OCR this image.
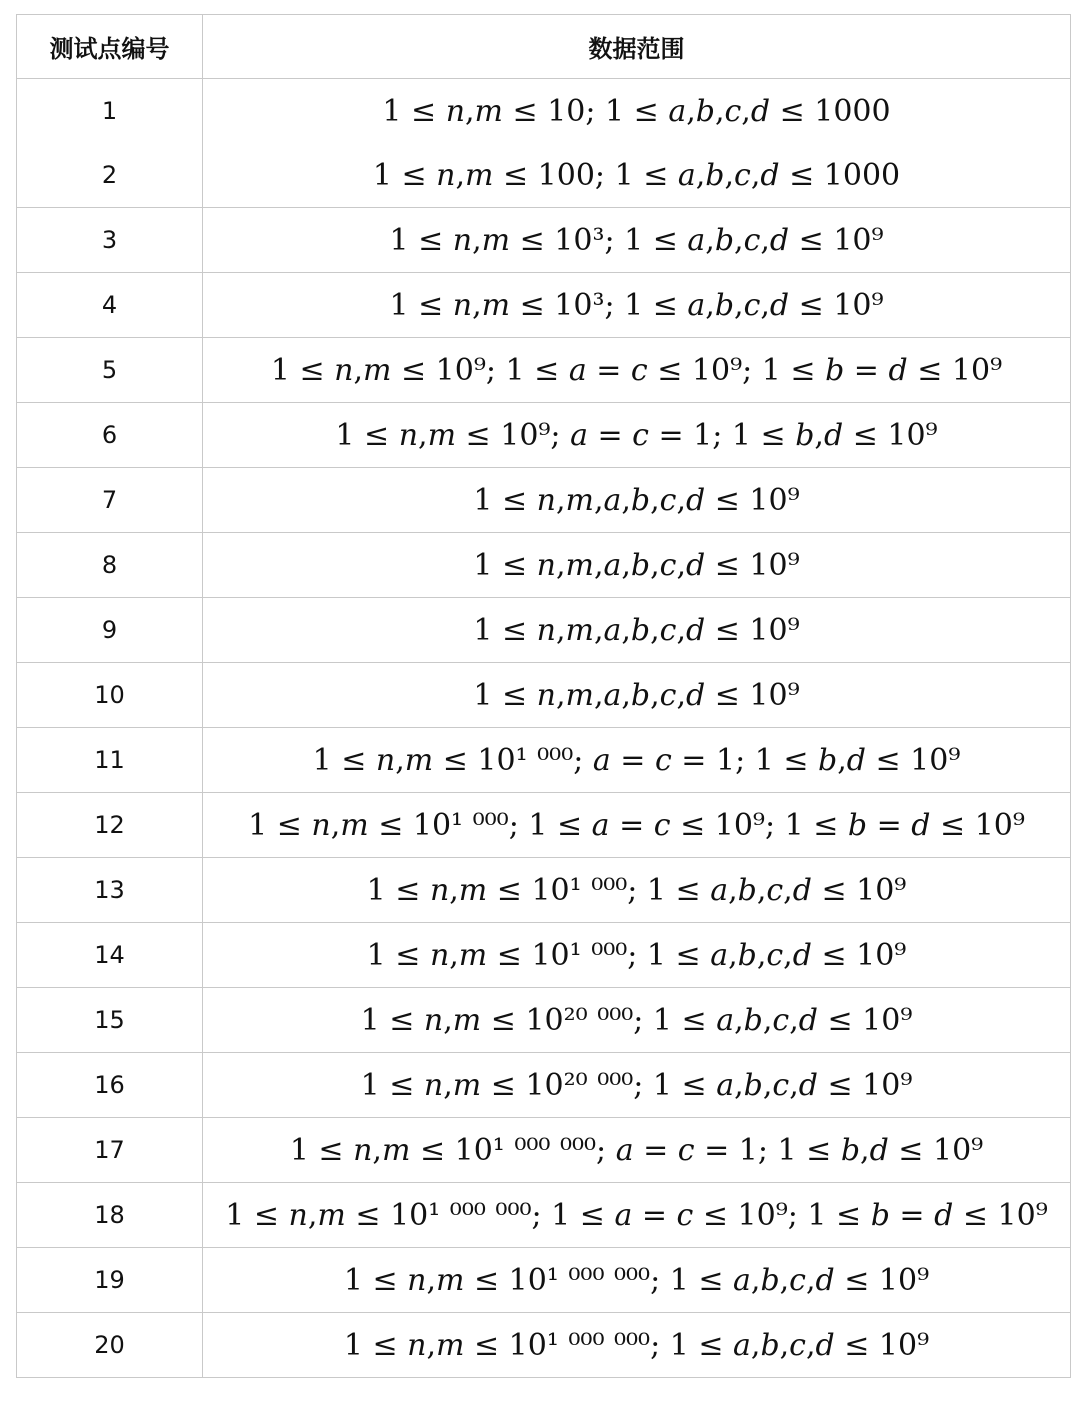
测试点编号	数据范围
1	1 ≤ 𝑛,𝑚 ≤ 10; 1 ≤ 𝑎,𝑏,𝑐,𝑑 ≤ 1000
2	1 ≤ 𝑛,𝑚 ≤ 100; 1 ≤ 𝑎,𝑏,𝑐,𝑑 ≤ 1000
3	1 ≤ 𝑛,𝑚 ≤ 10³; 1 ≤ 𝑎,𝑏,𝑐,𝑑 ≤ 10⁹
4	1 ≤ 𝑛,𝑚 ≤ 10³; 1 ≤ 𝑎,𝑏,𝑐,𝑑 ≤ 10⁹
5	1 ≤ 𝑛,𝑚 ≤ 10⁹; 1 ≤ 𝑎 = 𝑐 ≤ 10⁹; 1 ≤ 𝑏 = 𝑑 ≤ 10⁹
6	1 ≤ 𝑛,𝑚 ≤ 10⁹; 𝑎 = 𝑐 = 1; 1 ≤ 𝑏,𝑑 ≤ 10⁹
7	1 ≤ 𝑛,𝑚,𝑎,𝑏,𝑐,𝑑 ≤ 10⁹
8	1 ≤ 𝑛,𝑚,𝑎,𝑏,𝑐,𝑑 ≤ 10⁹
9	1 ≤ 𝑛,𝑚,𝑎,𝑏,𝑐,𝑑 ≤ 10⁹
10	1 ≤ 𝑛,𝑚,𝑎,𝑏,𝑐,𝑑 ≤ 10⁹
11	1 ≤ 𝑛,𝑚 ≤ 10¹ ⁰⁰⁰; 𝑎 = 𝑐 = 1; 1 ≤ 𝑏,𝑑 ≤ 10⁹
12	1 ≤ 𝑛,𝑚 ≤ 10¹ ⁰⁰⁰; 1 ≤ 𝑎 = 𝑐 ≤ 10⁹; 1 ≤ 𝑏 = 𝑑 ≤ 10⁹
13	1 ≤ 𝑛,𝑚 ≤ 10¹ ⁰⁰⁰; 1 ≤ 𝑎,𝑏,𝑐,𝑑 ≤ 10⁹
14	1 ≤ 𝑛,𝑚 ≤ 10¹ ⁰⁰⁰; 1 ≤ 𝑎,𝑏,𝑐,𝑑 ≤ 10⁹
15	1 ≤ 𝑛,𝑚 ≤ 10²⁰ ⁰⁰⁰; 1 ≤ 𝑎,𝑏,𝑐,𝑑 ≤ 10⁹
16	1 ≤ 𝑛,𝑚 ≤ 10²⁰ ⁰⁰⁰; 1 ≤ 𝑎,𝑏,𝑐,𝑑 ≤ 10⁹
17	1 ≤ 𝑛,𝑚 ≤ 10¹ ⁰⁰⁰ ⁰⁰⁰; 𝑎 = 𝑐 = 1; 1 ≤ 𝑏,𝑑 ≤ 10⁹
18	1 ≤ 𝑛,𝑚 ≤ 10¹ ⁰⁰⁰ ⁰⁰⁰; 1 ≤ 𝑎 = 𝑐 ≤ 10⁹; 1 ≤ 𝑏 = 𝑑 ≤ 10⁹
19	1 ≤ 𝑛,𝑚 ≤ 10¹ ⁰⁰⁰ ⁰⁰⁰; 1 ≤ 𝑎,𝑏,𝑐,𝑑 ≤ 10⁹
20	1 ≤ 𝑛,𝑚 ≤ 10¹ ⁰⁰⁰ ⁰⁰⁰; 1 ≤ 𝑎,𝑏,𝑐,𝑑 ≤ 10⁹
